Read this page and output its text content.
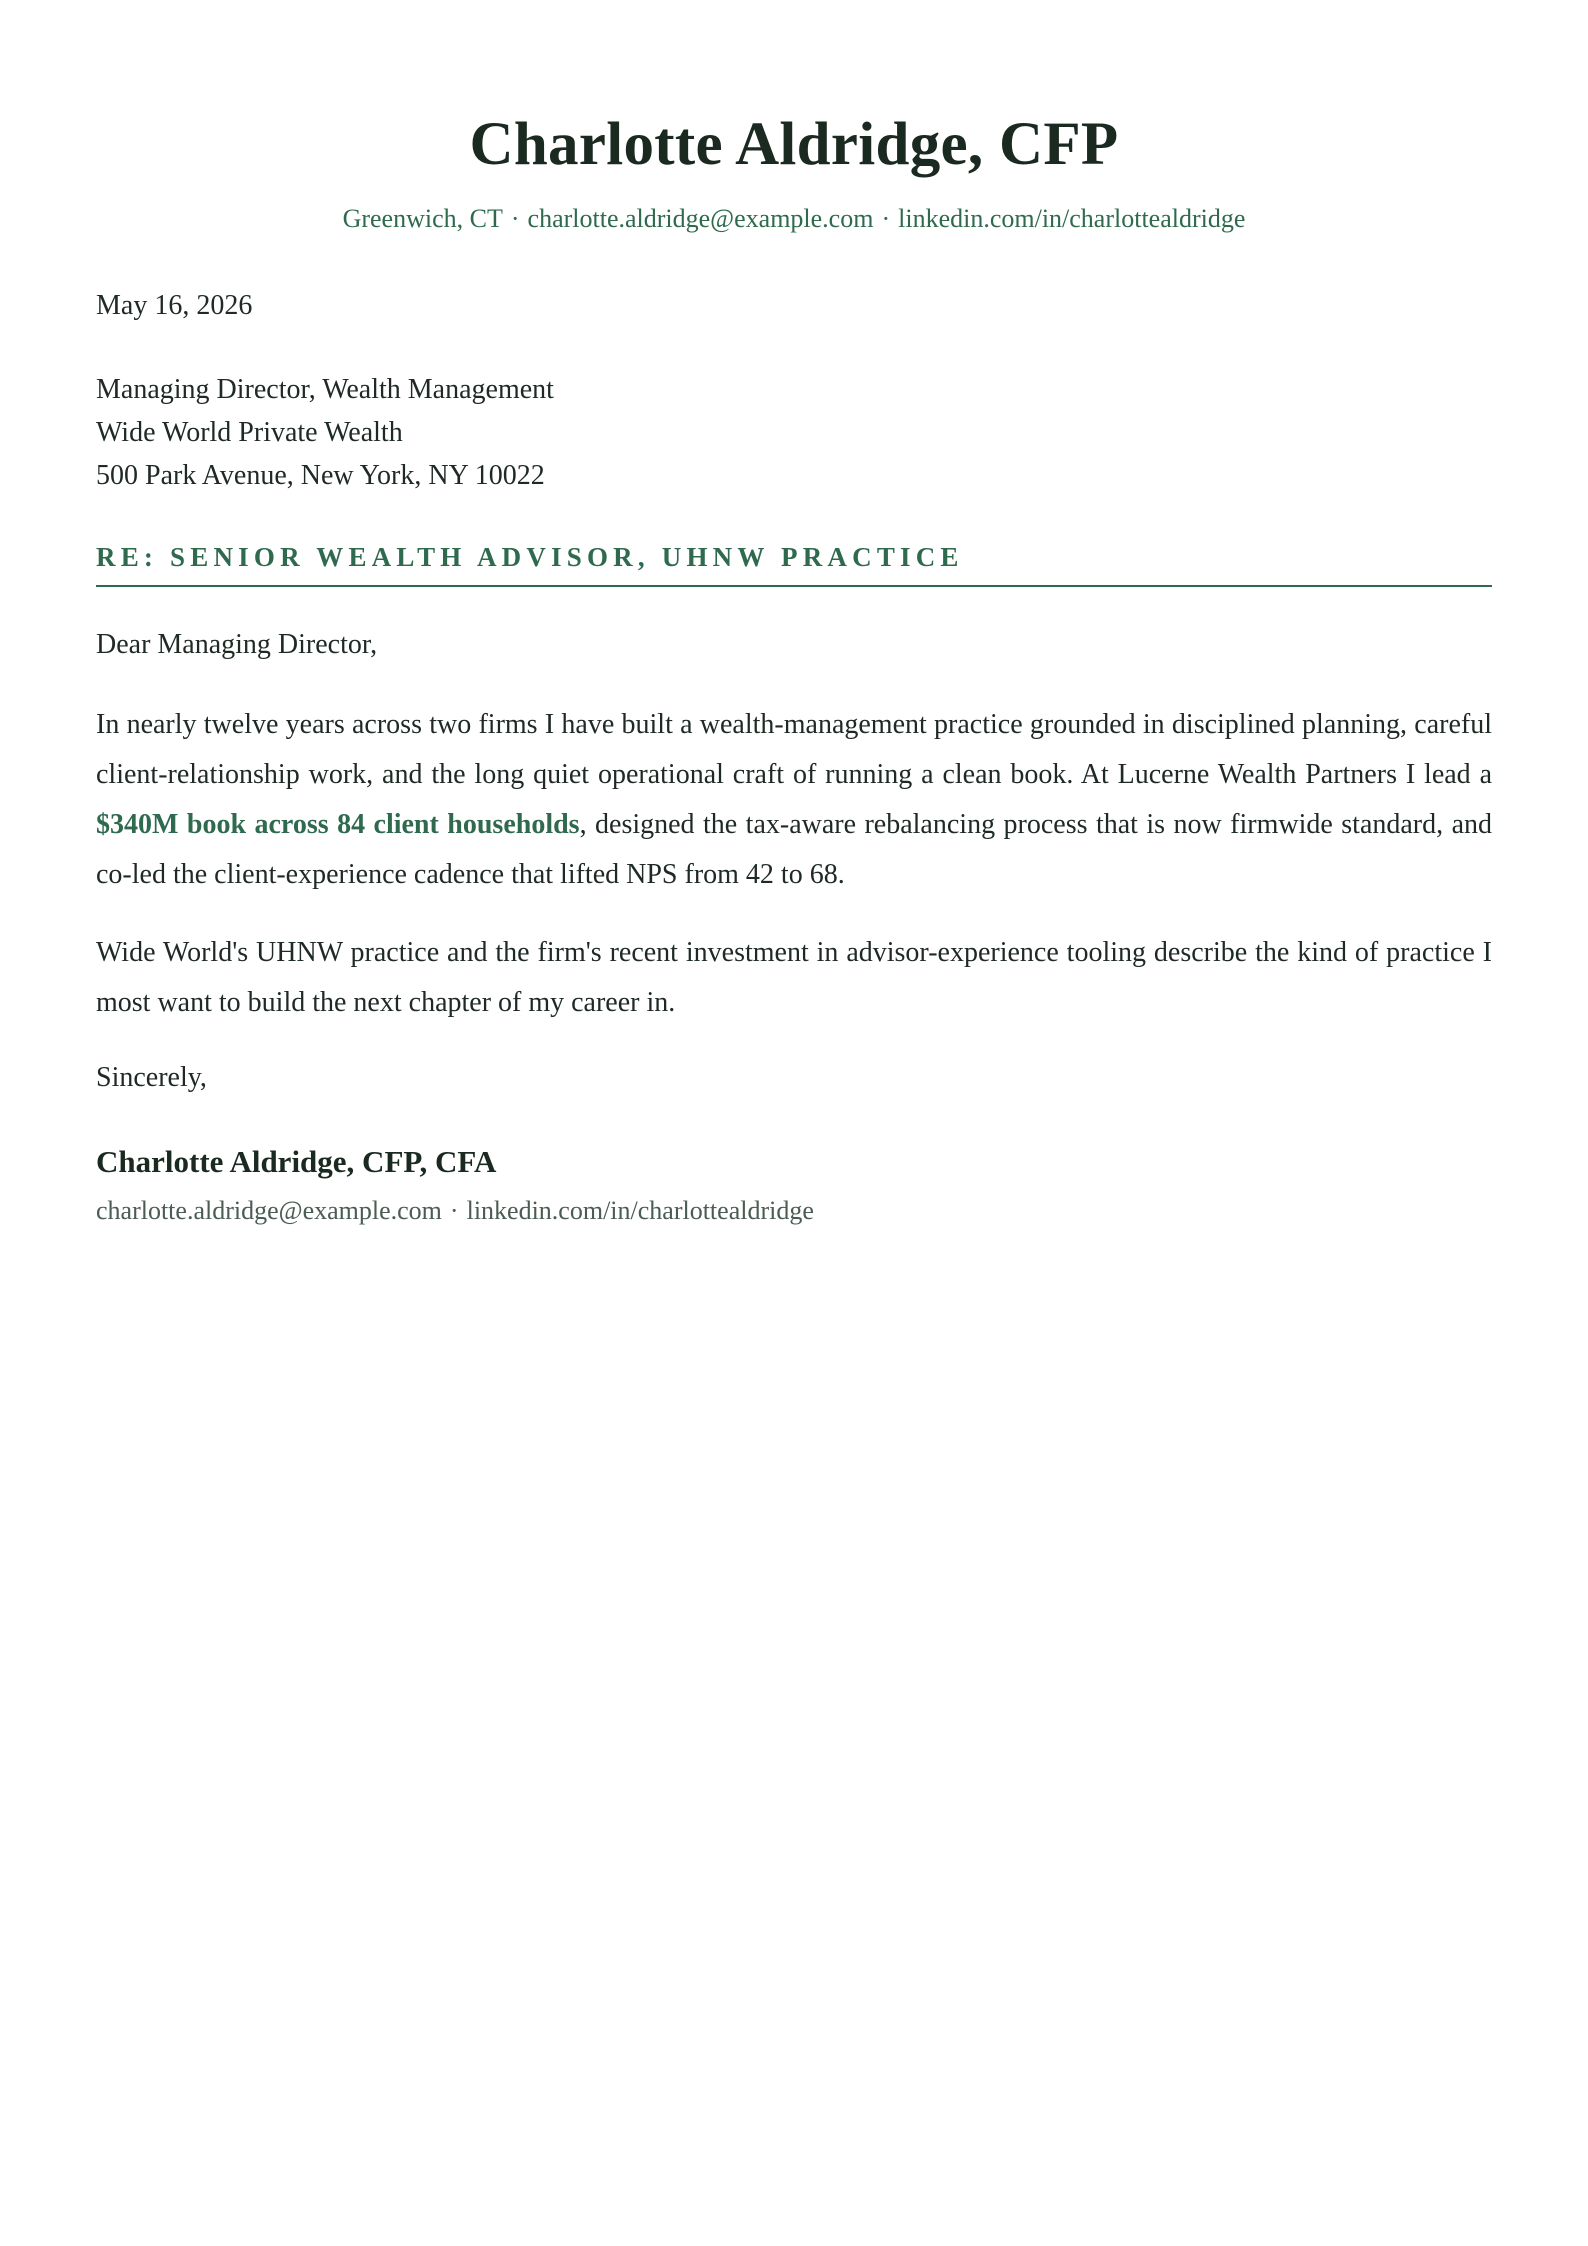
Charlotte Aldridge, CFP
Greenwich, CT · charlotte.aldridge@example.com · linkedin.com/in/charlottealdridge
May 16, 2026
Managing Director, Wealth Management
Wide World Private Wealth
500 Park Avenue, New York, NY 10022
RE: SENIOR WEALTH ADVISOR, UHNW PRACTICE
Dear Managing Director,

In nearly twelve years across two firms I have built a wealth-management practice grounded in disciplined planning, careful client-relationship work, and the long quiet operational craft of running a clean book. At Lucerne Wealth Partners I lead a $340M book across 84 client households, designed the tax-aware rebalancing process that is now firmwide standard, and co-led the client-experience cadence that lifted NPS from 42 to 68.

Wide World's UHNW practice and the firm's recent investment in advisor-experience tooling describe the kind of practice I most want to build the next chapter of my career in.

Sincerely,
Charlotte Aldridge, CFP, CFA
charlotte.aldridge@example.com · linkedin.com/in/charlottealdridge
